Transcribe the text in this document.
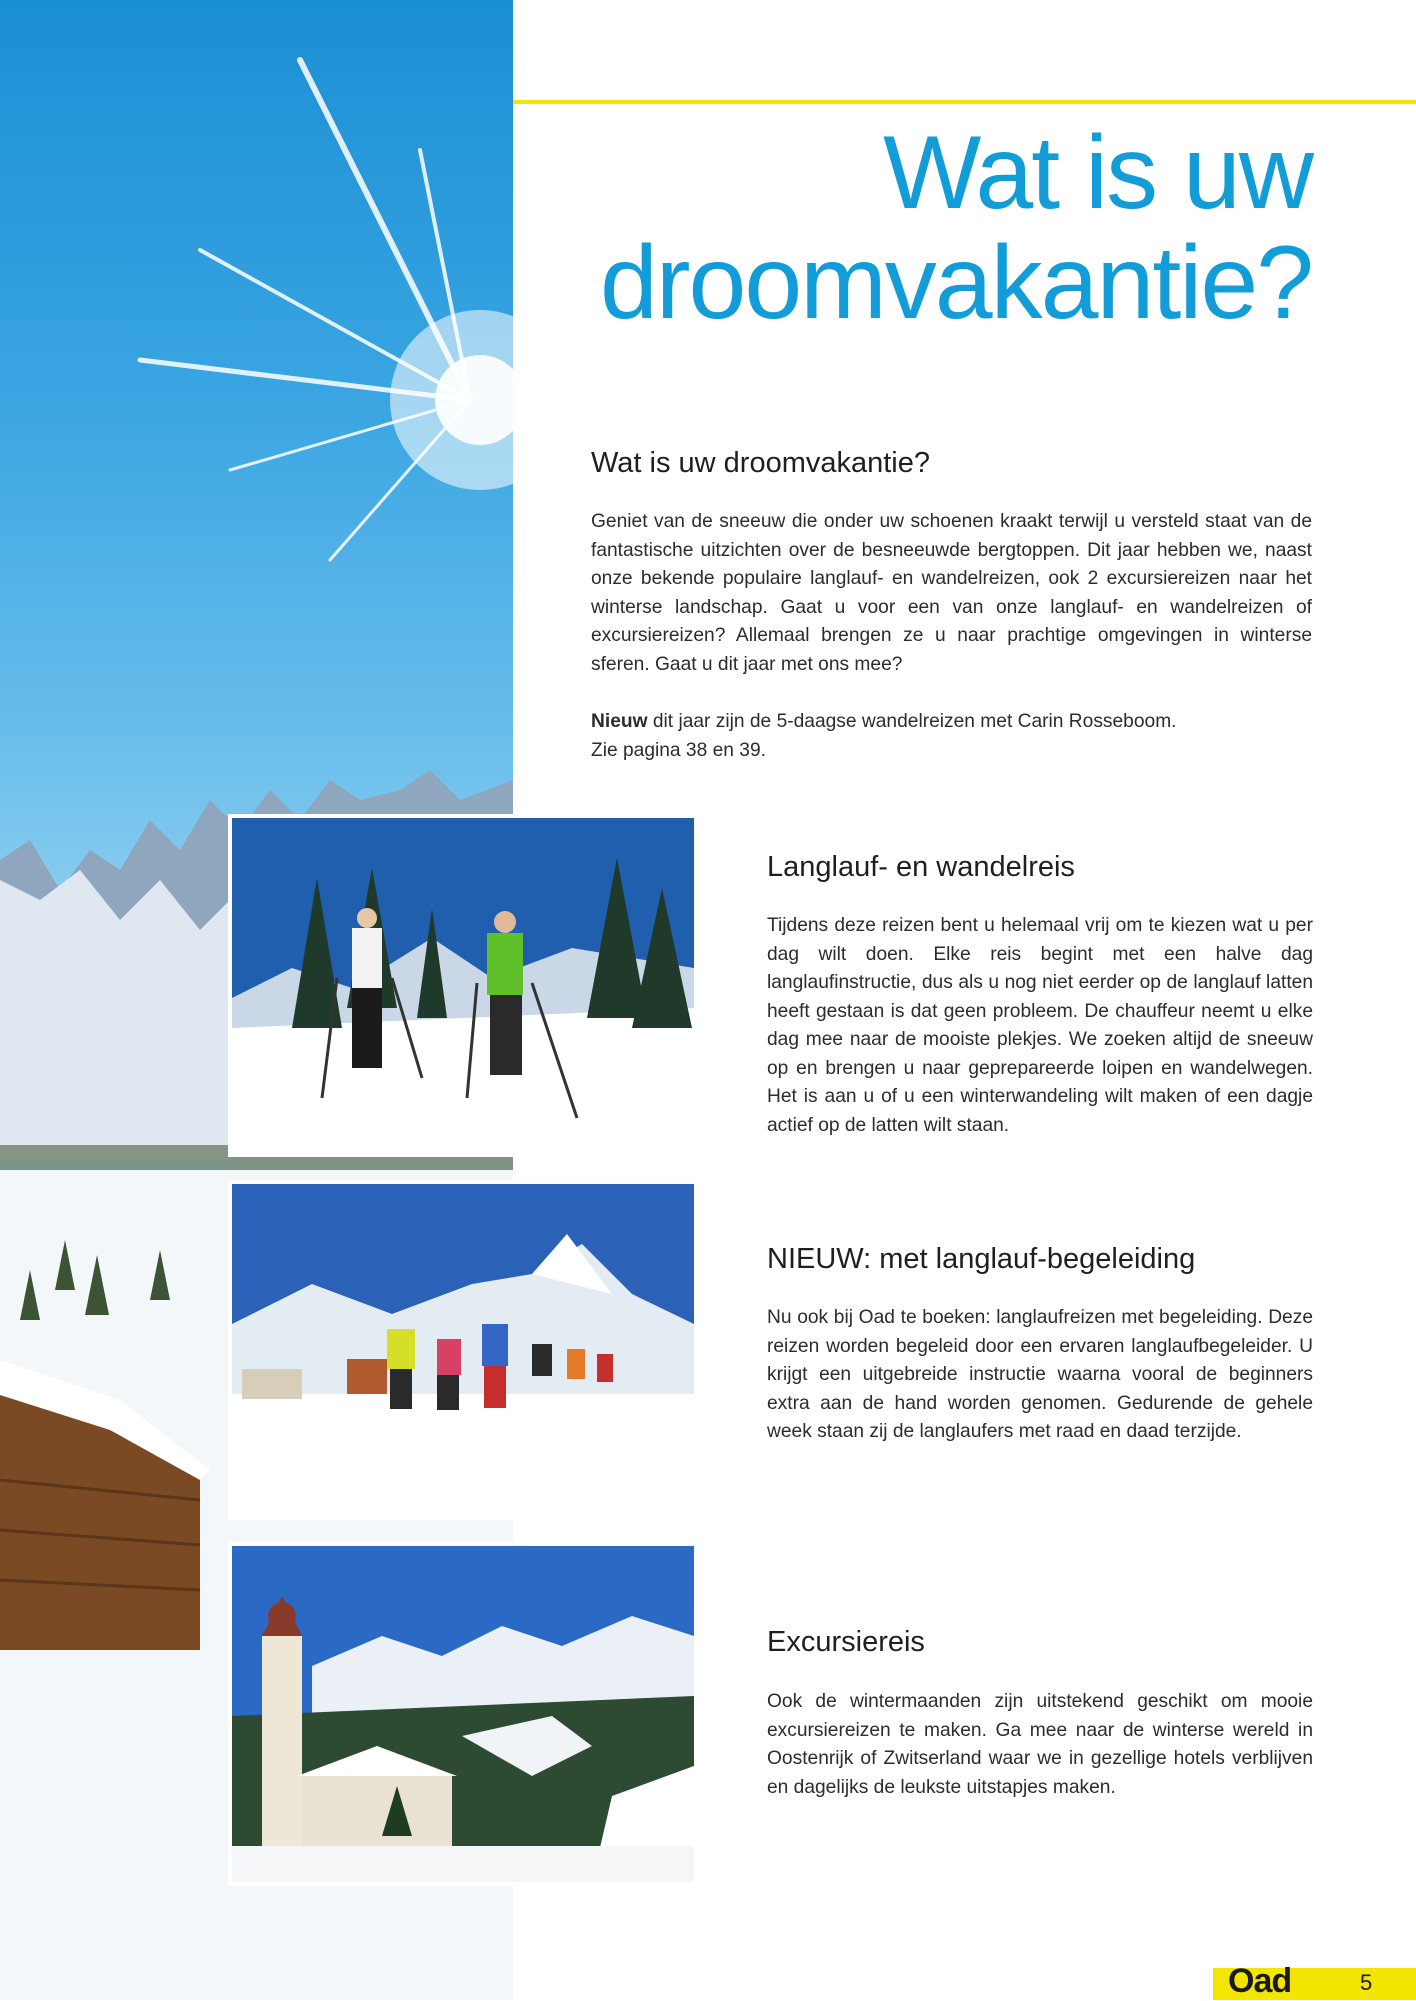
Wat is uw droomvakantie?
Wat is uw droomvakantie?

Geniet van de sneeuw die onder uw schoenen kraakt terwijl u versteld staat van de fantastische uitzichten over de besneeuwde bergtoppen. Dit jaar hebben we, naast onze bekende populaire langlauf- en wandelreizen, ook 2 excursiereizen naar het winterse landschap. Gaat u voor een van onze langlauf- en wandelreizen of excursiereizen? Allemaal brengen ze u naar prachtige omgevingen in winterse sferen. Gaat u dit jaar met ons mee?

Nieuw dit jaar zijn de 5-daagse wandelreizen met Carin Rosseboom.

Zie pagina 38 en 39.

Langlauf- en wandelreis

Tijdens deze reizen bent u helemaal vrij om te kiezen wat u per dag wilt doen. Elke reis begint met een halve dag langlaufinstructie, dus als u nog niet eerder op de langlauf latten heeft gestaan is dat geen probleem. De chauffeur neemt u elke dag mee naar de mooiste plekjes. We zoeken altijd de sneeuw op en brengen u naar geprepareerde loipen en wandelwegen. Het is aan u of u een winterwandeling wilt maken of een dagje actief op de latten wilt staan.

NIEUW: met langlauf-begeleiding

Nu ook bij Oad te boeken: langlaufreizen met begeleiding. Deze reizen worden begeleid door een ervaren langlaufbegeleider. U krijgt een uitgebreide instructie waarna vooral de beginners extra aan de hand worden genomen. Gedurende de gehele week staan zij de langlaufers met raad en daad terzijde.

Excursiereis

Ook de wintermaanden zijn uitstekend geschikt om mooie excursiereizen te maken. Ga mee naar de winterse wereld in Oostenrijk of Zwitserland waar we in gezellige hotels verblijven en dagelijks de leukste uitstapjes maken.

Oad	5
